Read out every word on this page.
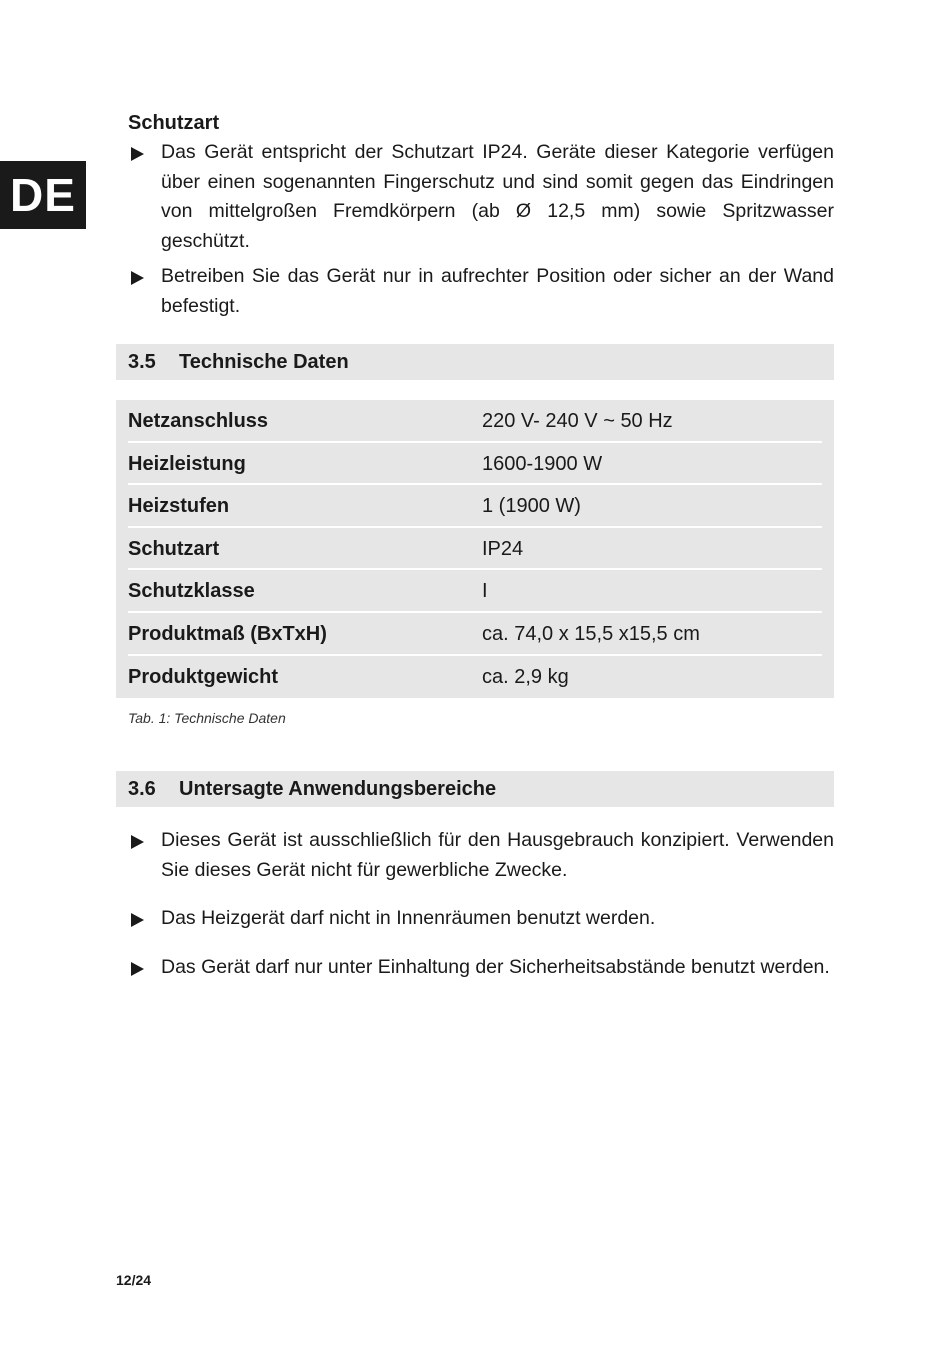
DE
Schutzart
Das Gerät entspricht der Schutzart IP24. Geräte dieser Kategorie verfügen über einen sogenannten Fingerschutz und sind somit gegen das Eindringen von mittelgroßen Fremdkörpern (ab Ø 12,5 mm) sowie Spritzwasser geschützt.
Betreiben Sie das Gerät nur in aufrechter Position oder sicher an der Wand befestigt.
3.5 Technische Daten
Netzanschluss	220 V- 240 V ~ 50 Hz
Heizleistung	1600-1900 W
Heizstufen	1 (1900 W)
Schutzart	IP24
Schutzklasse	I
Produktmaß (BxTxH)	ca. 74,0 x 15,5 x15,5 cm
Produktgewicht	ca. 2,9 kg
Tab. 1: Technische Daten
3.6 Untersagte Anwendungsbereiche
Dieses Gerät ist ausschließlich für den Hausgebrauch konzipiert. Verwenden Sie dieses Gerät nicht für gewerbliche Zwecke.
Das Heizgerät darf nicht in Innenräumen benutzt werden.
Das Gerät darf nur unter Einhaltung der Sicherheitsabstände benutzt werden.
12/24
